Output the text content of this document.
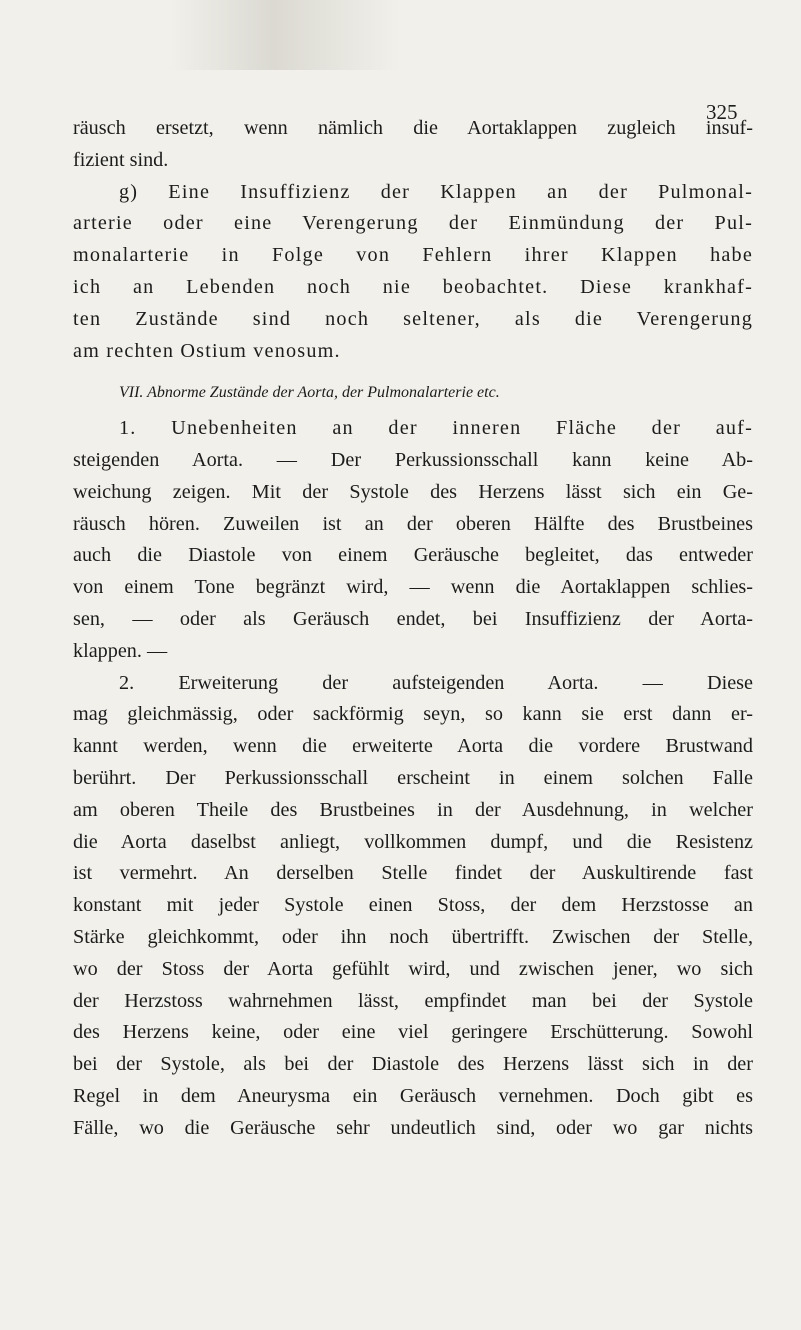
325
räusch ersetzt, wenn nämlich die Aortaklappen zugleich insuf-
fizient sind.
g) Eine Insuffizienz der Klappen an der Pulmonal-
arterie oder eine Verengerung der Einmündung der Pul-
monalarterie in Folge von Fehlern ihrer Klappen habe
ich an Lebenden noch nie beobachtet. Diese krankhaf-
ten Zustände sind noch seltener, als die Verengerung
am rechten Ostium venosum.
VII. Abnorme Zustände der Aorta, der Pulmonalarterie etc.
1. Unebenheiten an der inneren Fläche der auf-
steigenden Aorta. — Der Perkussionsschall kann keine Ab-
weichung zeigen. Mit der Systole des Herzens lässt sich ein Ge-
räusch hören. Zuweilen ist an der oberen Hälfte des Brustbeines
auch die Diastole von einem Geräusche begleitet, das entweder
von einem Tone begränzt wird, — wenn die Aortaklappen schlies-
sen, — oder als Geräusch endet, bei Insuffizienz der Aorta-
klappen. —
2. Erweiterung der aufsteigenden Aorta. — Diese
mag gleichmässig, oder sackförmig seyn, so kann sie erst dann er-
kannt werden, wenn die erweiterte Aorta die vordere Brustwand
berührt. Der Perkussionsschall erscheint in einem solchen Falle
am oberen Theile des Brustbeines in der Ausdehnung, in welcher
die Aorta daselbst anliegt, vollkommen dumpf, und die Resistenz
ist vermehrt. An derselben Stelle findet der Auskultirende fast
konstant mit jeder Systole einen Stoss, der dem Herzstosse an
Stärke gleichkommt, oder ihn noch übertrifft. Zwischen der Stelle,
wo der Stoss der Aorta gefühlt wird, und zwischen jener, wo sich
der Herzstoss wahrnehmen lässt, empfindet man bei der Systole
des Herzens keine, oder eine viel geringere Erschütterung. Sowohl
bei der Systole, als bei der Diastole des Herzens lässt sich in der
Regel in dem Aneurysma ein Geräusch vernehmen. Doch gibt es
Fälle, wo die Geräusche sehr undeutlich sind, oder wo gar nichts
